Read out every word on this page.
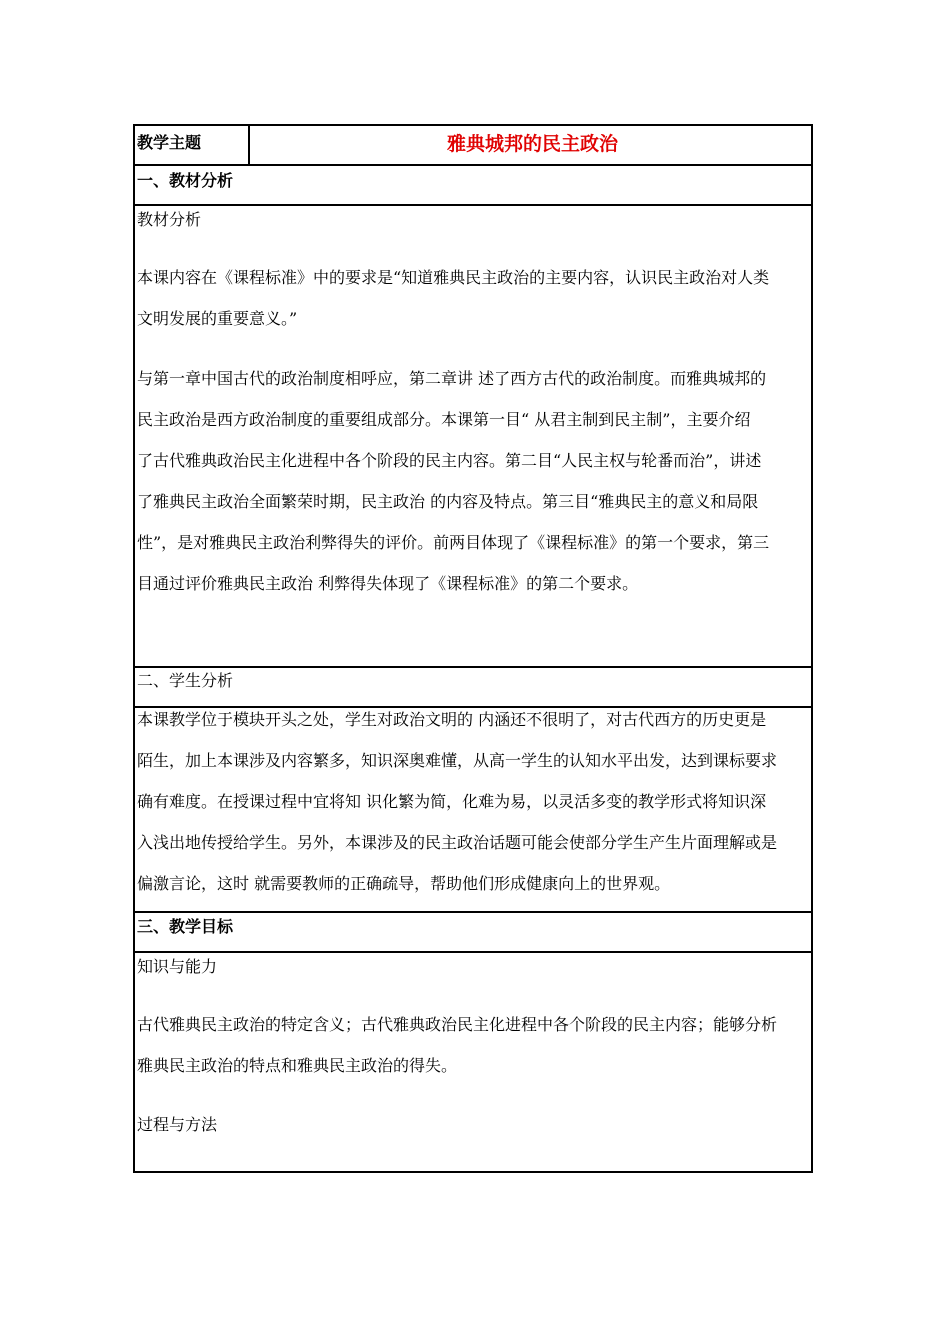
教学主题	雅典城邦的民主政治
一、教材分析
教材分析
本课内容在《课程标准》中的要求是“知道雅典民主政治的主要内容，认识民主政治对人类
文明发展的重要意义。”
与第一章中国古代的政治制度相呼应，第二章讲 述了西方古代的政治制度。而雅典城邦的
民主政治是西方政治制度的重要组成部分。本课第一目“ 从君主制到民主制”，主要介绍
了古代雅典政治民主化进程中各个阶段的民主内容。第二目“人民主权与轮番而治”，讲述
了雅典民主政治全面繁荣时期，民主政治 的内容及特点。第三目“雅典民主的意义和局限
性”，是对雅典民主政治利弊得失的评价。前两目体现了《课程标准》的第一个要求，第三
目通过评价雅典民主政治 利弊得失体现了《课程标准》的第二个要求。
二、学生分析
本课教学位于模块开头之处，学生对政治文明的 内涵还不很明了，对古代西方的历史更是
陌生，加上本课涉及内容繁多，知识深奥难懂，从高一学生的认知水平出发，达到课标要求
确有难度。在授课过程中宜将知 识化繁为简，化难为易，以灵活多变的教学形式将知识深
入浅出地传授给学生。另外，本课涉及的民主政治话题可能会使部分学生产生片面理解或是
偏激言论，这时 就需要教师的正确疏导，帮助他们形成健康向上的世界观。
三、教学目标
知识与能力
古代雅典民主政治的特定含义；古代雅典政治民主化进程中各个阶段的民主内容；能够分析
雅典民主政治的特点和雅典民主政治的得失。
过程与方法
